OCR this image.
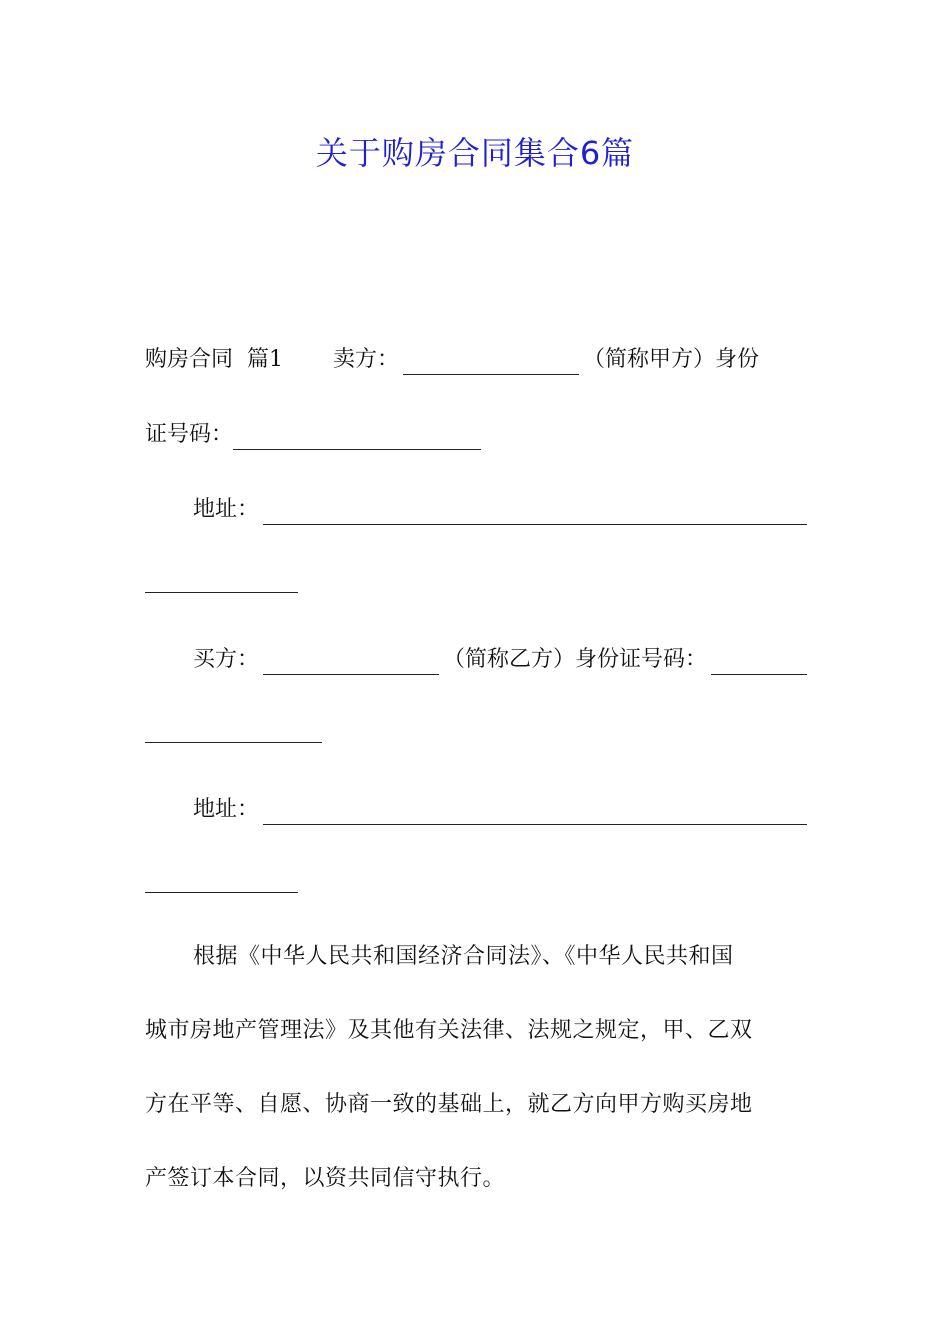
关于购房合同集合6篇
购房合同 篇1 卖方：	（简称甲方）身份
证号码：
地址：
买方：	（简称乙方）身份证号码：
地址：
根据《中华人民共和国经济合同法》、《中华人民共和国
城市房地产管理法》及其他有关法律、法规之规定，甲、乙双
方在平等、自愿、协商一致的基础上，就乙方向甲方购买房地
产签订本合同，以资共同信守执行。
